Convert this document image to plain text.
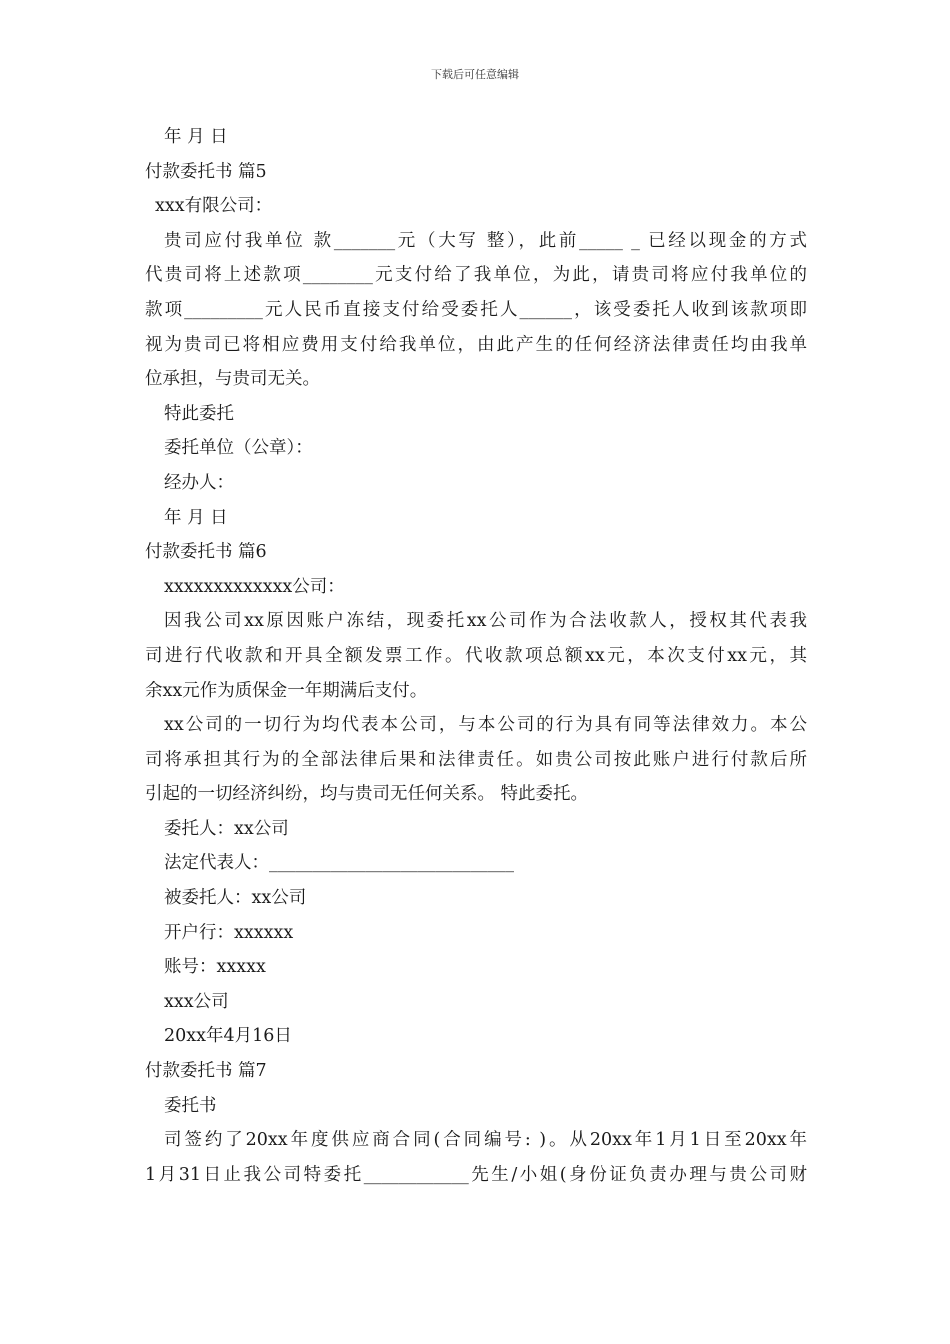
下载后可任意编辑

年 月 日

付款委托书 篇5

xxx有限公司：

贵司应付我单位 款_______元（大写 整），此前_____ _ 已经以现金的方式
代贵司将上述款项________元支付给了我单位，为此，请贵司将应付我单位的
款项_________元人民币直接支付给受委托人______，该受委托人收到该款项即
视为贵司已将相应费用支付给我单位，由此产生的任何经济法律责任均由我单
位承担，与贵司无关。

特此委托

委托单位（公章）：

经办人：

年 月 日

付款委托书 篇6

xxxxxxxxxxxxx公司：

因我公司xx原因账户冻结，现委托xx公司作为合法收款人，授权其代表我
司进行代收款和开具全额发票工作。代收款项总额xx元，本次支付xx元，其
余xx元作为质保金一年期满后支付。
xx公司的一切行为均代表本公司，与本公司的行为具有同等法律效力。本公
司将承担其行为的全部法律后果和法律责任。如贵公司按此账户进行付款后所
引起的一切经济纠纷，均与贵司无任何关系。 特此委托。

委托人：xx公司

法定代表人：____________________________

被委托人：xx公司

开户行：xxxxxx

账号：xxxxx

xxx公司

20xx年4月16日

付款委托书 篇7

委托书

司签约了20xx年度供应商合同(合同编号: )。从20xx年1月1日至20xx年
1月31日止我公司特委托____________先生/小姐(身份证负责办理与贵公司财
